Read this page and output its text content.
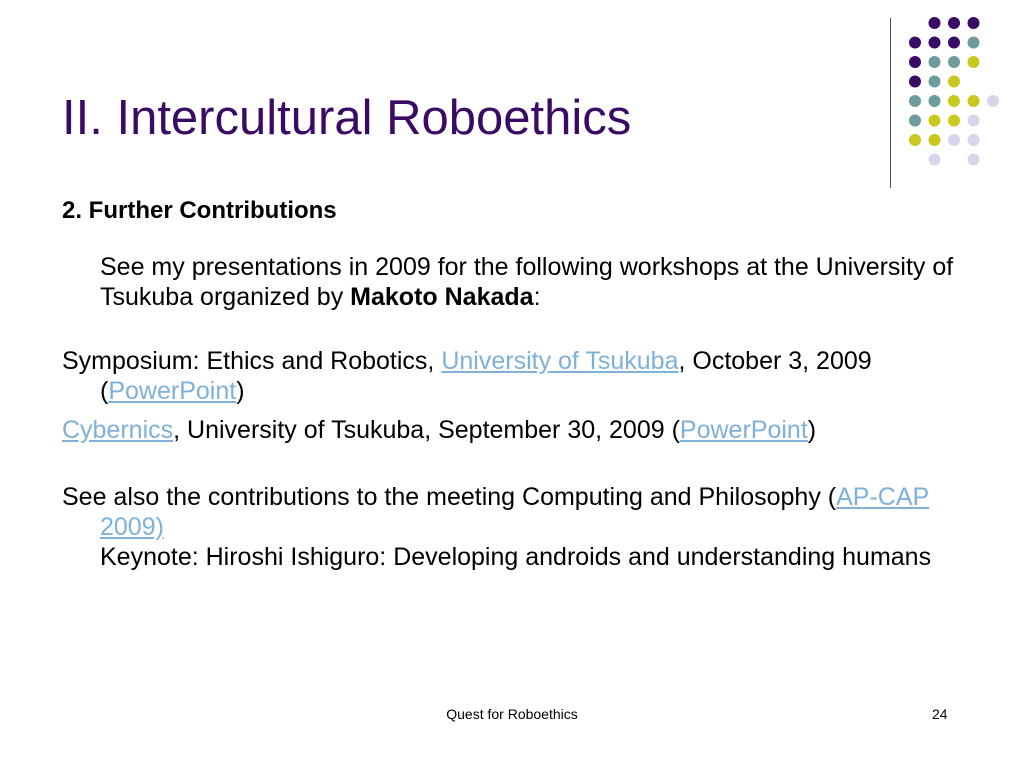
II. Intercultural Roboethics

2. Further Contributions

See my presentations in 2009 for the following workshops at the University of Tsukuba organized by Makoto Nakada:

Symposium: Ethics and Robotics, University of Tsukuba, October 3, 2009 (PowerPoint)

Cybernics, University of Tsukuba, September 30, 2009 (PowerPoint)

See also the contributions to the meeting Computing and Philosophy (AP-CAP 2009)
Keynote: Hiroshi Ishiguro: Developing androids and understanding humans

Quest for Roboethics	24
